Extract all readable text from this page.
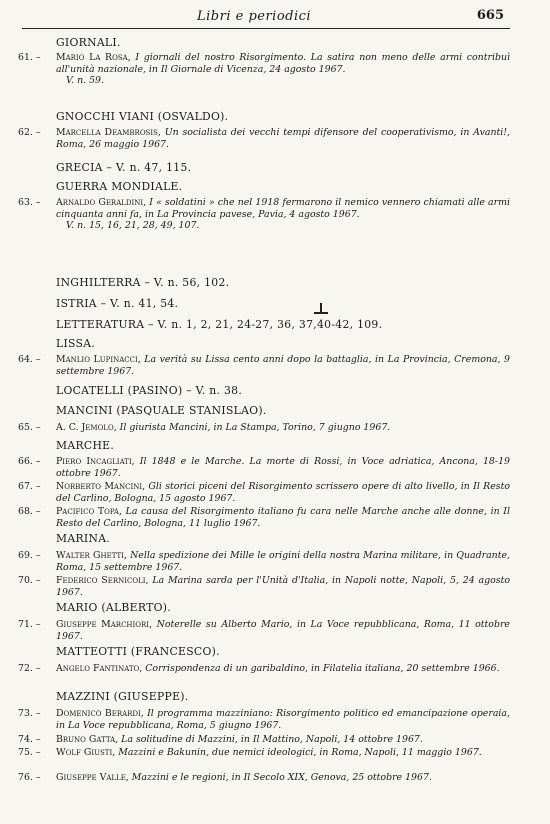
Libri e periodici	665
GIORNALI.
61. –	Mario La Rosa, I giornali del nostro Risorgimento. La satira non meno delle armi contribuì all'unità nazionale, in Il Giornale di Vicenza, 24 agosto 1967.

V. n. 59.

GNOCCHI VIANI (OSVALDO).
62. –	Marcella Deambrosis, Un socialista dei vecchi tempi difensore del cooperativismo, in Avanti!, Roma, 26 maggio 1967.
GRECIA – V. n. 47, 115.
GUERRA MONDIALE.
63. –	Arnaldo Geraldini, I « soldatini » che nel 1918 fermarono il nemico vennero chiamati alle armi cinquanta anni fa, in La Provincia pavese, Pavia, 4 agosto 1967.

V. n. 15, 16, 21, 28, 49, 107.

INGHILTERRA – V. n. 56, 102.
ISTRIA – V. n. 41, 54.
LETTERATURA – V. n. 1, 2, 21, 24-27, 36, 37,40-42, 109.
LISSA.
64. –	Manlio Lupinacci, La verità su Lissa cento anni dopo la battaglia, in La Provincia, Cremona, 9 settembre 1967.
LOCATELLI (PASINO) – V. n. 38.
MANCINI (PASQUALE STANISLAO).
65. –	A. C. Jemolo, Il giurista Mancini, in La Stampa, Torino, 7 giugno 1967.
MARCHE.
66. –	Piero Incagliati, Il 1848 e le Marche. La morte di Rossi, in Voce adriatica, Ancona, 18-19 ottobre 1967.
67. –	Norberto Mancini, Gli storici piceni del Risorgimento scrissero opere di alto livello, in Il Resto del Carlino, Bologna, 15 agosto 1967.
68. –	Pacifico Topa, La causa del Risorgimento italiano fu cara nelle Marche anche alle donne, in Il Resto del Carlino, Bologna, 11 luglio 1967.
MARINA.
69. –	Walter Ghetti, Nella spedizione dei Mille le origini della nostra Marina militare, in Quadrante, Roma, 15 settembre 1967.
70. –	Federico Sernicoli, La Marina sarda per l'Unità d'Italia, in Napoli notte, Napoli, 5, 24 agosto 1967.
MARIO (ALBERTO).
71. –	Giuseppe Marchiori, Noterelle su Alberto Mario, in La Voce repubblicana, Roma, 11 ottobre 1967.
MATTEOTTI (FRANCESCO).
72. –	Angelo Fantinato, Corrispondenza di un garibaldino, in Filatelia italiana, 20 settembre 1966.
MAZZINI (GIUSEPPE).
73. –	Domenico Berardi, Il programma mazziniano: Risorgimento politico ed emancipazione operaia, in La Voce repubblicana, Roma, 5 giugno 1967.
74. –	Bruno Gatta, La solitudine di Mazzini, in Il Mattino, Napoli, 14 ottobre 1967.
75. –	Wolf Giusti, Mazzini e Bakunin, due nemici ideologici, in Roma, Napoli, 11 maggio 1967.
76. –	Giuseppe Valle, Mazzini e le regioni, in Il Secolo XIX, Genova, 25 ottobre 1967.
